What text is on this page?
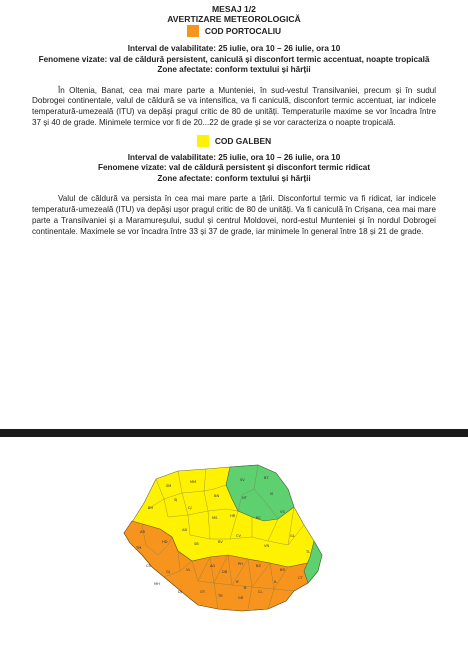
MESAJ 1/2
AVERTIZARE METEOROLOGICĂ
COD PORTOCALIU
Interval de valabilitate: 25 iulie, ora 10 – 26 iulie, ora 10
Fenomene vizate: val de căldură persistent, caniculă și disconfort termic accentuat, noapte tropicală
Zone afectate: conform textului și hărții

În Oltenia, Banat, cea mai mare parte a Munteniei, în sud-vestul Transilvaniei, precum și în sudul Dobrogei continentale, valul de căldură se va intensifica, va fi caniculă, disconfort termic accentuat, iar indicele temperatură-umezeală (ITU) va depăși pragul critic de 80 de unități. Temperaturile maxime se vor încadra între 37 și 40 de grade. Minimele termice vor fi de 20...22 de grade și se vor caracteriza o noapte tropicală.

COD GALBEN
Interval de valabilitate: 25 iulie, ora 10 – 26 iulie, ora 10
Fenomene vizate: val de căldură persistent și disconfort termic ridicat
Zone afectate: conform textului și hărții

Valul de căldură va persista în cea mai mare parte a țării. Disconfortul termic va fi ridicat, iar indicele temperatură-umezeală (ITU) va depăși ușor pragul critic de 80 de unități. Va fi caniculă în Crișana, cea mai mare parte a Transilvaniei și a Maramureșului, sudul și centrul Moldovei, nord-estul Munteniei și în nordul Dobrogei continentale. Maximele se vor încadra între 33 și 37 de grade, iar minimele în general între 18 și 21 de grade.

SM
MM	SV	BT
BH
SJ
CJ
BN	NT
IS
AR
MS	HR	BC
VS
TM
AB
HD	SB	BV
CV
VN
GL
CS
VL
AG
DB
PH	BZ
BR
TL
GJ
MH
DJ	OT
TR	GR
IF
B
CL
IL
CT
